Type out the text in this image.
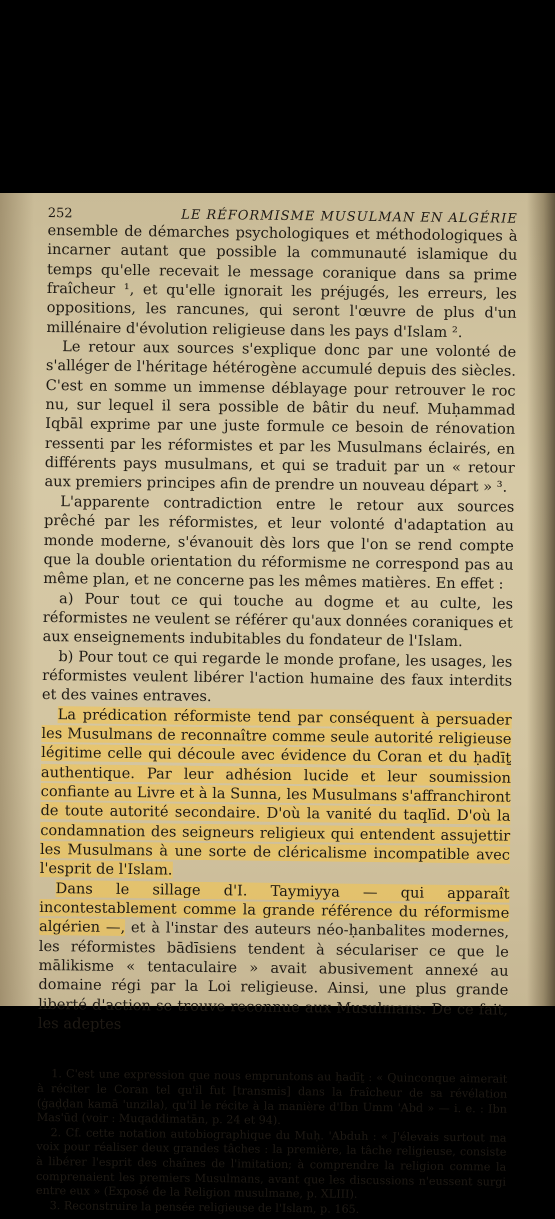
252	LE RÉFORMISME MUSULMAN EN ALGÉRIE

ensemble de démarches psychologiques et méthodologiques à incarner autant que possible la communauté islamique du temps qu'elle recevait le message coranique dans sa prime fraîcheur ¹, et qu'elle ignorait les préjugés, les erreurs, les oppositions, les rancunes, qui seront l'œuvre de plus d'un millénaire d'évolution religieuse dans les pays d'Islam ².

Le retour aux sources s'explique donc par une volonté de s'alléger de l'héritage hétérogène accumulé depuis des siècles. C'est en somme un immense déblayage pour retrouver le roc nu, sur lequel il sera possible de bâtir du neuf. Muḥammad Iqbāl exprime par une juste formule ce besoin de rénovation ressenti par les réformistes et par les Musulmans éclairés, en différents pays musulmans, et qui se traduit par un « retour aux premiers principes afin de prendre un nouveau départ » ³.

L'apparente contradiction entre le retour aux sources prêché par les réformistes, et leur volonté d'adaptation au monde moderne, s'évanouit dès lors que l'on se rend compte que la double orientation du réformisme ne correspond pas au même plan, et ne concerne pas les mêmes matières. En effet :

a) Pour tout ce qui touche au dogme et au culte, les réformistes ne veulent se référer qu'aux données coraniques et aux enseignements indubitables du fondateur de l'Islam.

b) Pour tout ce qui regarde le monde profane, les usages, les réformistes veulent libérer l'action humaine des faux interdits et des vaines entraves.

La prédication réformiste tend par conséquent à persuader les Musulmans de reconnaître comme seule autorité religieuse légitime celle qui découle avec évidence du Coran et du ḥadīṯ authentique. Par leur adhésion lucide et leur soumission confiante au Livre et à la Sunna, les Musulmans s'affranchiront de toute autorité secondaire. D'où la vanité du taqlīd. D'où la condamnation des seigneurs religieux qui entendent assujettir les Musulmans à une sorte de cléricalisme incompatible avec l'esprit de l'Islam.

Dans le sillage d'I. Taymiyya — qui apparaît incontestablement comme la grande référence du réformisme algérien —, et à l'instar des auteurs néo-ḥanbalites modernes, les réformistes bādīsiens tendent à séculariser ce que le mālikisme « tentaculaire » avait abusivement annexé au domaine régi par la Loi religieuse. Ainsi, une plus grande liberté d'action se trouve reconnue aux Musulmans. De ce fait, les adeptes

1. C'est une expression que nous empruntons au ḥadīṯ : « Quinconque aimerait à réciter le Coran tel qu'il fut [transmis] dans la fraîcheur de sa révélation (ġaḍḍan kamā 'unzila), qu'il le récite à la manière d'Ibn Umm 'Abd » — i. e. : Ibn Mas'ūd (voir : Muqaddimatān, p. 24 et 94).

2. Cf. cette notation autobiographique du Muḥ. 'Abduh : « J'élevais surtout ma voix pour réaliser deux grandes tâches : la première, la tâche religieuse, consiste à libérer l'esprit des chaînes de l'imitation; à comprendre la religion comme la comprenaient les premiers Musulmans, avant que les discussions n'eussent surgi entre eux » (Exposé de la Religion musulmane, p. XLIII).

3. Reconstruire la pensée religieuse de l'Islam, p. 165.
